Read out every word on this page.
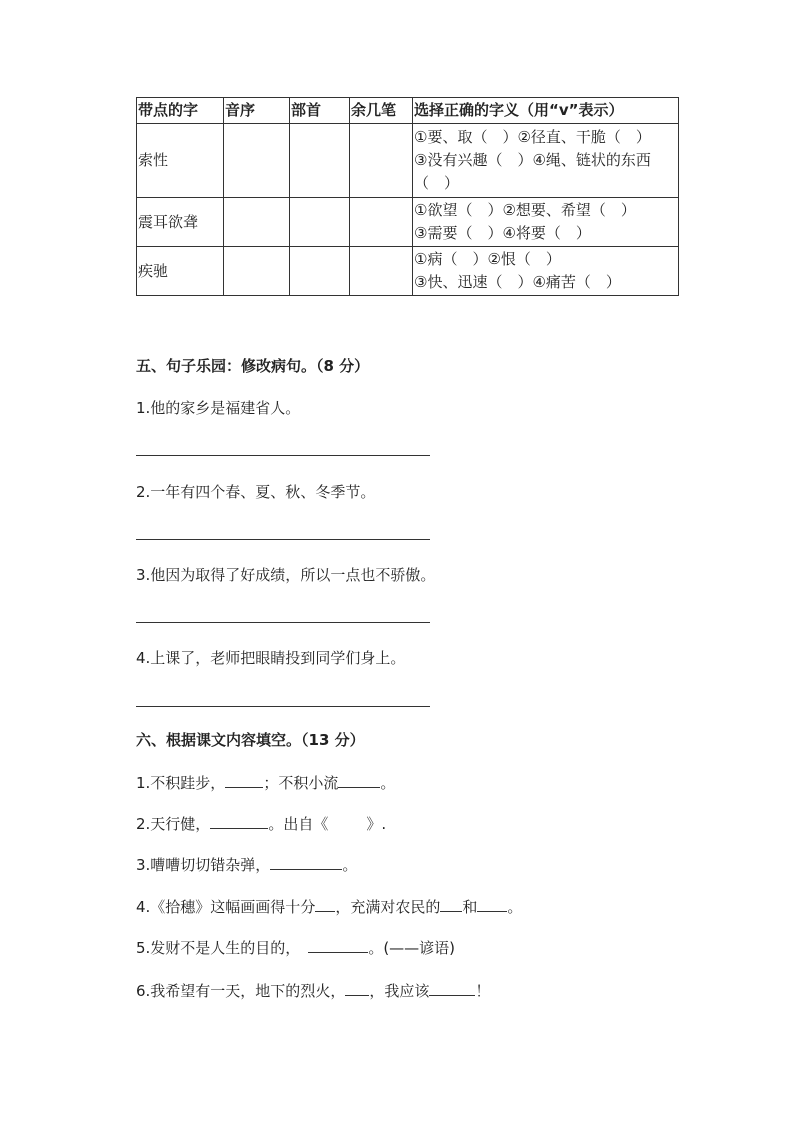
带点的字	音序	部首	余几笔	选择正确的字义（用“v”表示）
索性				①要、取（　）②径直、干脆（　）
③没有兴趣（　）④绳、链状的东西（　）

震耳欲聋				①欲望（　）②想要、希望（　）
③需要（　）④将要（　）

疾驰				①病（　）②恨（　）
③快、迅速（　）④痛苦（　）
五、句子乐园：修改病句。（8 分）
1.他的家乡是福建省人。
2.一年有四个春、夏、秋、冬季节。
3.他因为取得了好成绩，所以一点也不骄傲。
4.上课了，老师把眼睛投到同学们身上。
六、根据课文内容填空。（13 分）
1.不积跬步，	；不积小流	。
2.天行健，	。出自《	》.
3.嘈嘈切切错杂弹，	。
4.《拾穗》这幅画画得十分 ，充满对农民的 和 。
5.发财不是人生的目的，	。(——谚语)
6.我希望有一天，地下的烈火， ，我应该	！
